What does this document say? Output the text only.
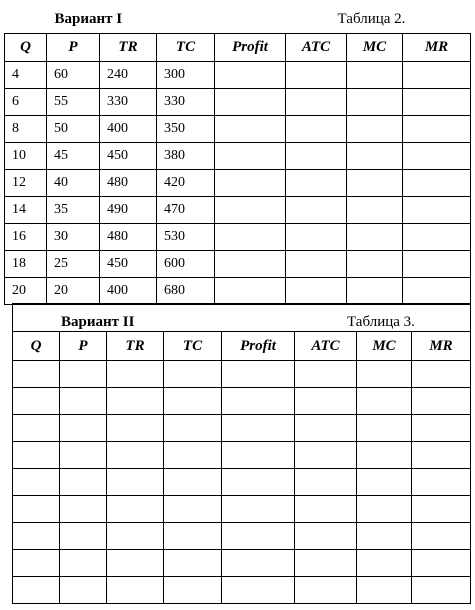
Вариант I Таблица 2.							

Q	P	TR	TC	Profit	ATC	MC	MR
4	60	240	300				
6	55	330	330				
8	50	400	350				
10	45	450	380				
12	40	480	420				
14	35	490	470				
16	30	480	530				
18	25	450	600				
20	20	400	680				
Вариант II Таблица 3.							

Q	P	TR	TC	Profit	ATC	MC	MR
